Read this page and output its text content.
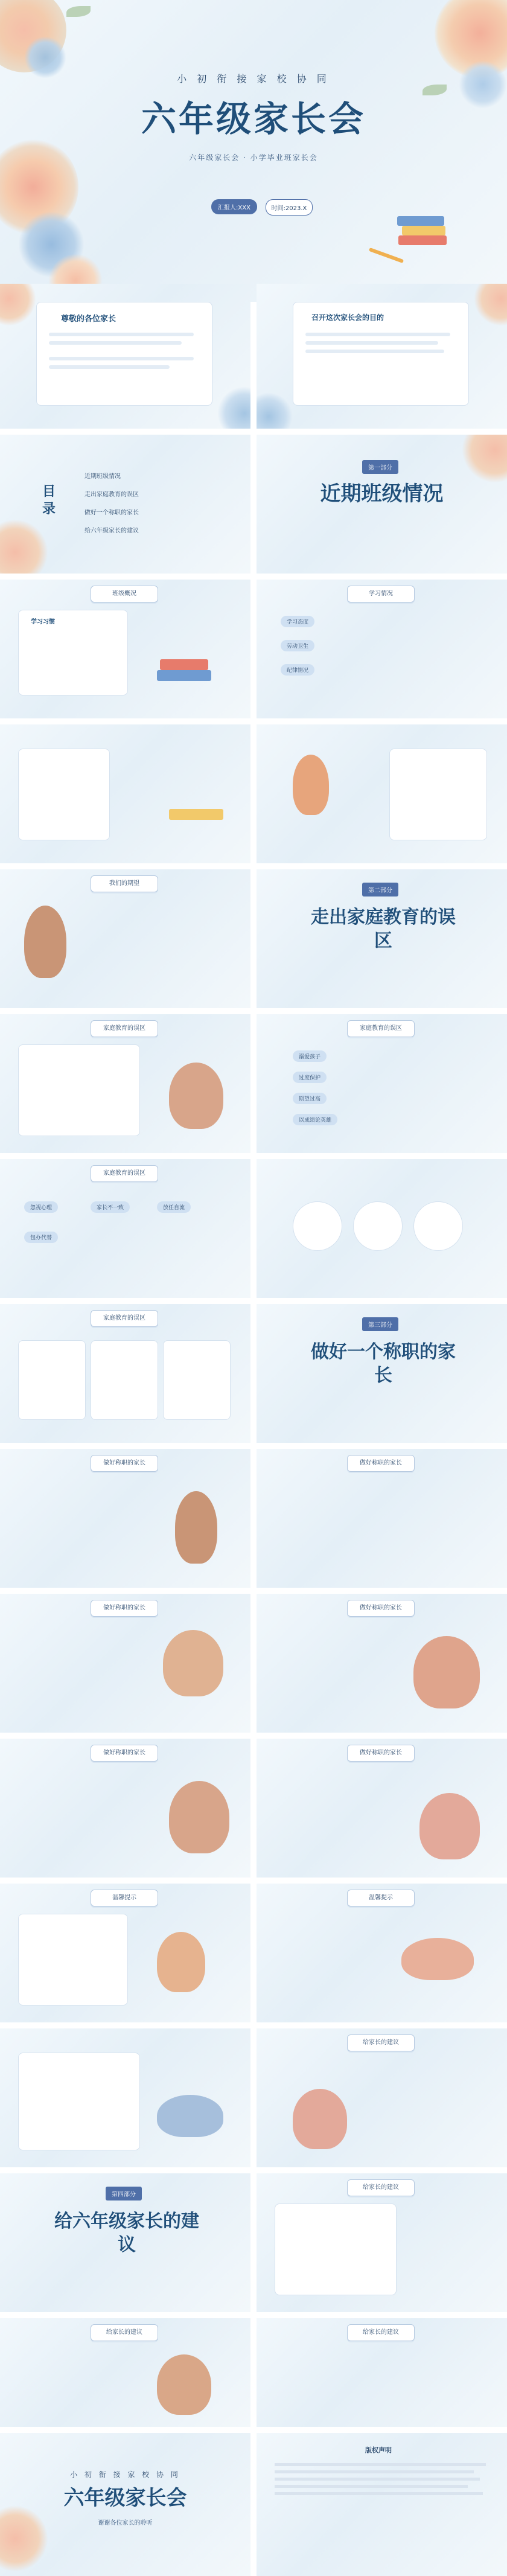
小 初 衔 接 家 校 协 同
六年级家长会
六年级家长会 · 小学毕业班家长会
汇报人:XXX	时间:2023.X
尊敬的各位家长	召开这次家长会的目的
目录
近期班级情况
走出家庭教育的误区
做好一个称职的家长
给六年级家长的建议
第一部分
近期班级情况
班级概况
学习习惯
学习情况
学习态度
劳动卫生
纪律情况
我们的期望
第二部分
走出家庭教育的误区
家庭教育的误区	家庭教育的误区
溺爱孩子
过度保护
期望过高
以成绩论英雄
家庭教育的误区
忽视心理	家长不一致	放任自流
包办代替
家庭教育的误区
第三部分
做好一个称职的家长
做好称职的家长	做好称职的家长
做好称职的家长	做好称职的家长
做好称职的家长	做好称职的家长
温馨提示	温馨提示
给家长的建议
第四部分
给六年级家长的建议
给家长的建议
给家长的建议	给家长的建议
小 初 衔 接 家 校 协 同
六年级家长会
谢谢各位家长的聆听
版权声明
